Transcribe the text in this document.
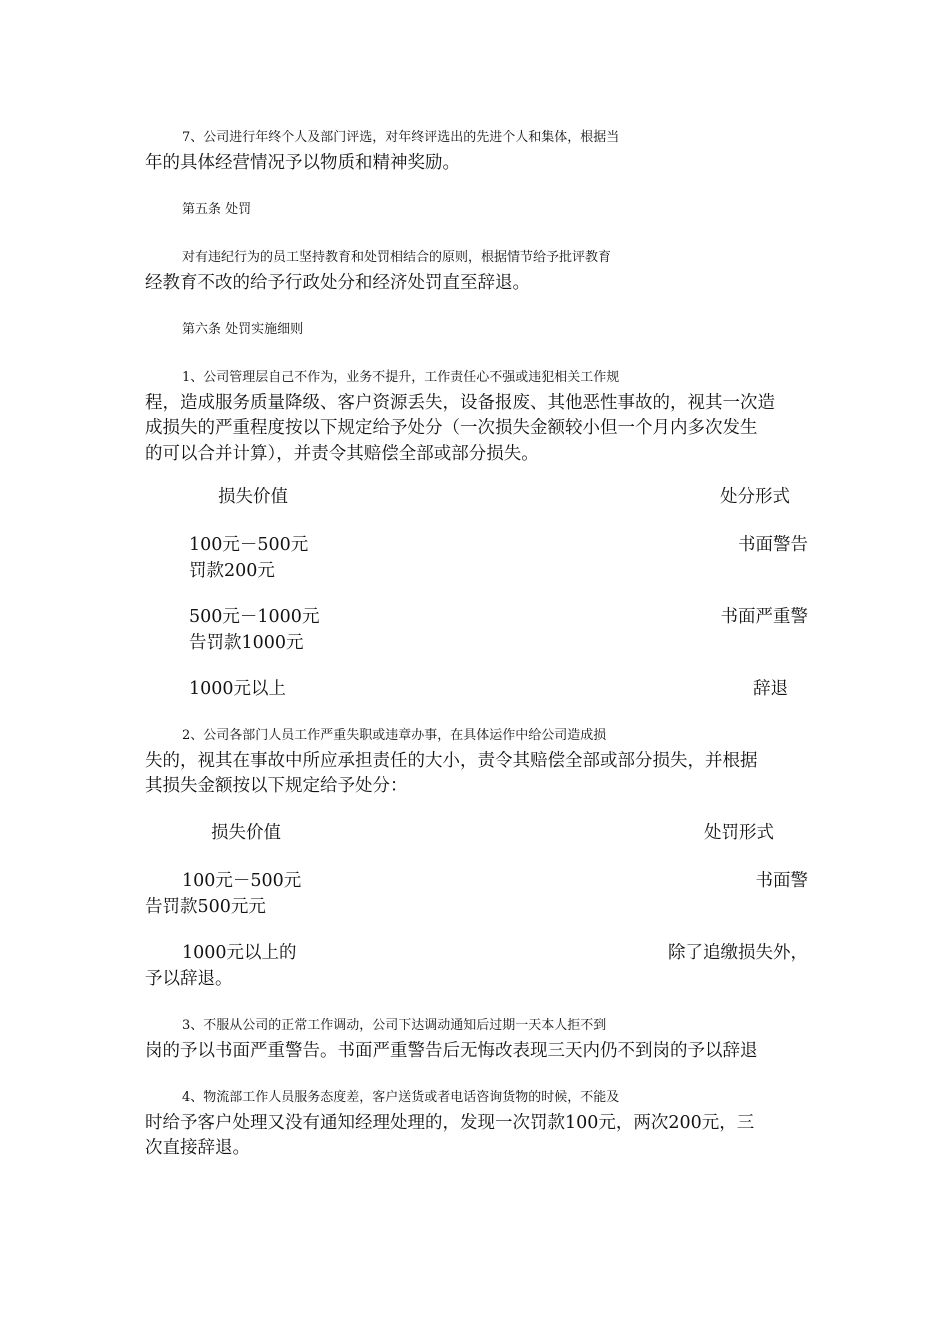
7、公司进行年终个人及部门评选，对年终评选出的先进个人和集体，根据当
年的具体经营情况予以物质和精神奖励。
第五条 处罚
对有违纪行为的员工坚持教育和处罚相结合的原则，根据情节给予批评教育
经教育不改的给予行政处分和经济处罚直至辞退。
第六条 处罚实施细则
1、公司管理层自己不作为，业务不提升，工作责任心不强或违犯相关工作规
程，造成服务质量降级、客户资源丢失，设备报废、其他恶性事故的，视其一次造
成损失的严重程度按以下规定给予处分（一次损失金额较小但一个月内多次发生
的可以合并计算），并责令其赔偿全部或部分损失。
损失价值	处分形式
100元－500元	书面警告
罚款200元
500元－1000元	书面严重警
告罚款1000元
1000元以上	辞退
2、公司各部门人员工作严重失职或违章办事，在具体运作中给公司造成损
失的，视其在事故中所应承担责任的大小，责令其赔偿全部或部分损失，并根据
其损失金额按以下规定给予处分：
损失价值	处罚形式
100元－500元	书面警
告罚款500元元
1000元以上的	除了追缴损失外，
予以辞退。
3、不服从公司的正常工作调动，公司下达调动通知后过期一天本人拒不到
岗的予以书面严重警告。书面严重警告后无悔改表现三天内仍不到岗的予以辞退
4、物流部工作人员服务态度差，客户送货或者电话咨询货物的时候，不能及
时给予客户处理又没有通知经理处理的，发现一次罚款100元，两次200元，三
次直接辞退。
